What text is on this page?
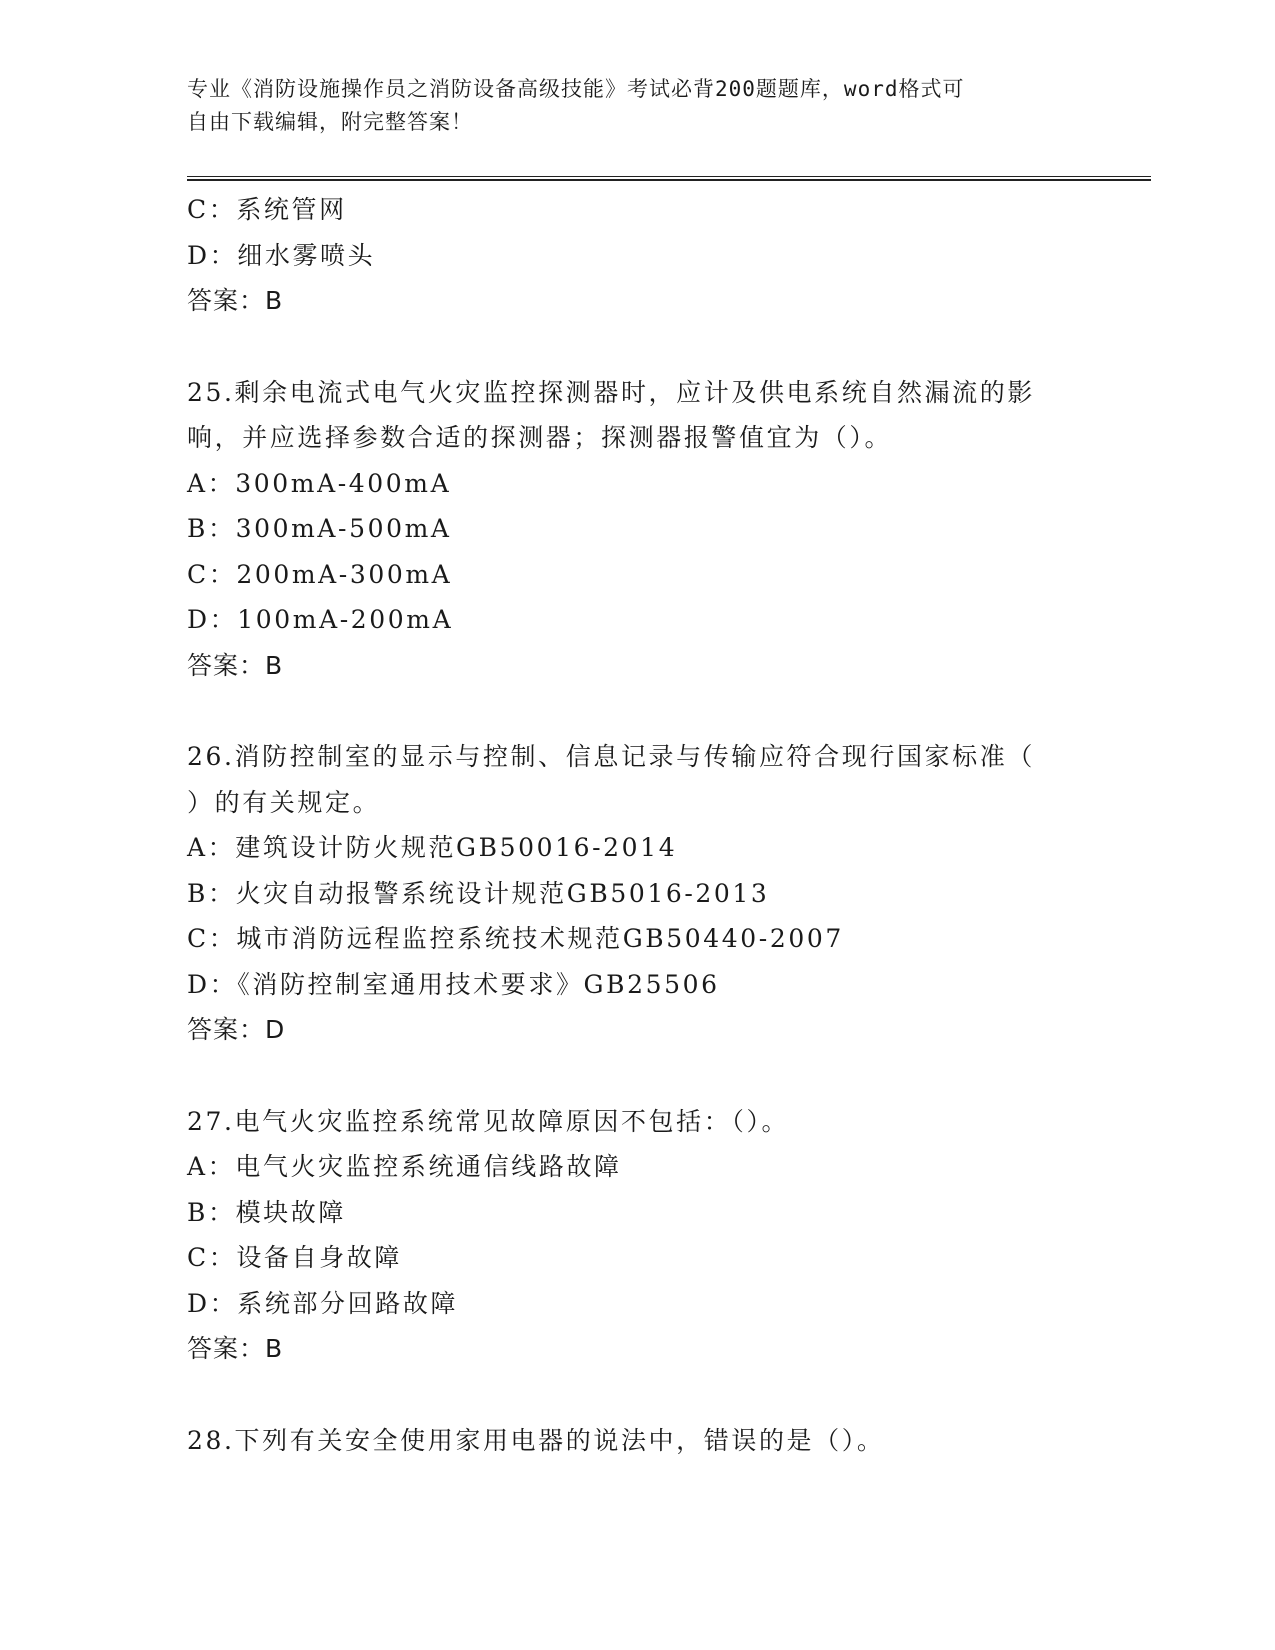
专业《消防设施操作员之消防设备高级技能》考试必背200题题库，word格式可
自由下载编辑，附完整答案！
C：系统管网
D：细水雾喷头
答案：B
25.剩余电流式电气火灾监控探测器时，应计及供电系统自然漏流的影
响，并应选择参数合适的探测器；探测器报警值宜为（）。
A：300mA-400mA
B：300mA-500mA
C：200mA-300mA
D：100mA-200mA
答案：B
26.消防控制室的显示与控制、信息记录与传输应符合现行国家标准（
）的有关规定。
A：建筑设计防火规范GB50016-2014
B：火灾自动报警系统设计规范GB5016-2013
C：城市消防远程监控系统技术规范GB50440-2007
D：《消防控制室通用技术要求》GB25506
答案：D
27.电气火灾监控系统常见故障原因不包括：（）。
A：电气火灾监控系统通信线路故障
B：模块故障
C：设备自身故障
D：系统部分回路故障
答案：B
28.下列有关安全使用家用电器的说法中，错误的是（）。
